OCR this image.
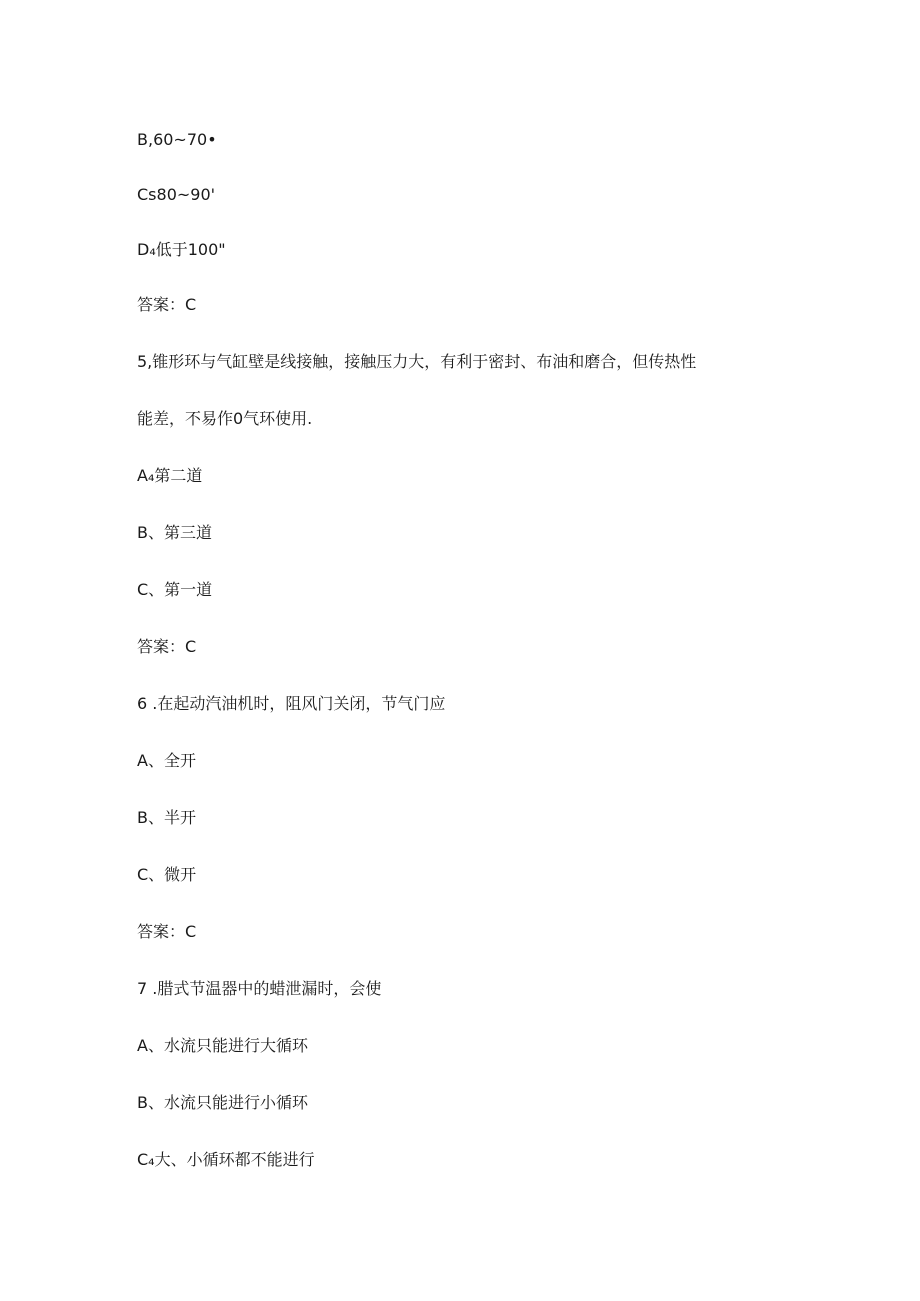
B,60~70•
Cs80~90'
D₄低于100"
答案：C
5,锥形环与气缸壁是线接触，接触压力大，有利于密封、布油和磨合，但传热性
能差，不易作0气环使用.
A₄第二道
B、第三道
C、第一道
答案：C
6 .在起动汽油机时，阻风门关闭，节气门应
A、全开
B、半开
C、微开
答案：C
7 .腊式节温器中的蜡泄漏时，会使
A、水流只能进行大循环
B、水流只能进行小循环
C₄大、小循环都不能进行
